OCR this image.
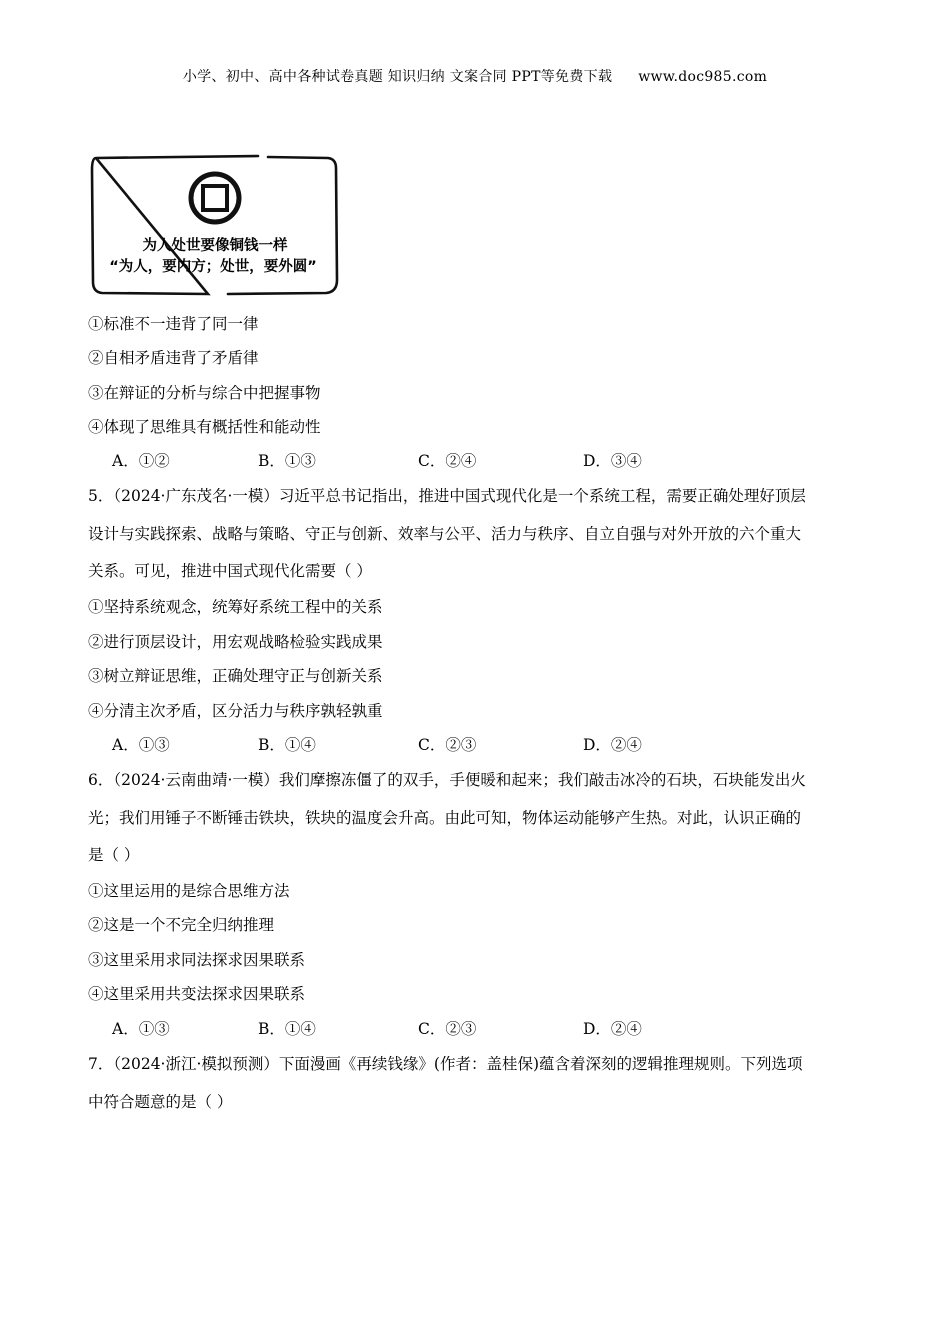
小学、初中、高中各种试卷真题 知识归纳 文案合同 PPT等免费下载 www.doc985.com
为人处世要像铜钱一样
“为人，要内方；处世，要外圆”
①标准不一违背了同一律
②自相矛盾违背了矛盾律
③在辩证的分析与综合中把握事物
④体现了思维具有概括性和能动性
A．①②	B．①③	C．②④	D．③④
5．（2024·广东茂名·一模）习近平总书记指出，推进中国式现代化是一个系统工程，需要正确处理好顶层
设计与实践探索、战略与策略、守正与创新、效率与公平、活力与秩序、自立自强与对外开放的六个重大
关系。可见，推进中国式现代化需要（ ）
①坚持系统观念，统筹好系统工程中的关系
②进行顶层设计，用宏观战略检验实践成果
③树立辩证思维，正确处理守正与创新关系
④分清主次矛盾，区分活力与秩序孰轻孰重
A．①③	B．①④	C．②③	D．②④
6．（2024·云南曲靖·一模）我们摩擦冻僵了的双手，手便暖和起来；我们敲击冰冷的石块，石块能发出火
光；我们用锤子不断锤击铁块，铁块的温度会升高。由此可知，物体运动能够产生热。对此，认识正确的
是（ ）
①这里运用的是综合思维方法
②这是一个不完全归纳推理
③这里采用求同法探求因果联系
④这里采用共变法探求因果联系
A．①③	B．①④	C．②③	D．②④
7．（2024·浙江·模拟预测）下面漫画《再续钱缘》(作者：盖桂保)蕴含着深刻的逻辑推理规则。下列选项
中符合题意的是（ ）
